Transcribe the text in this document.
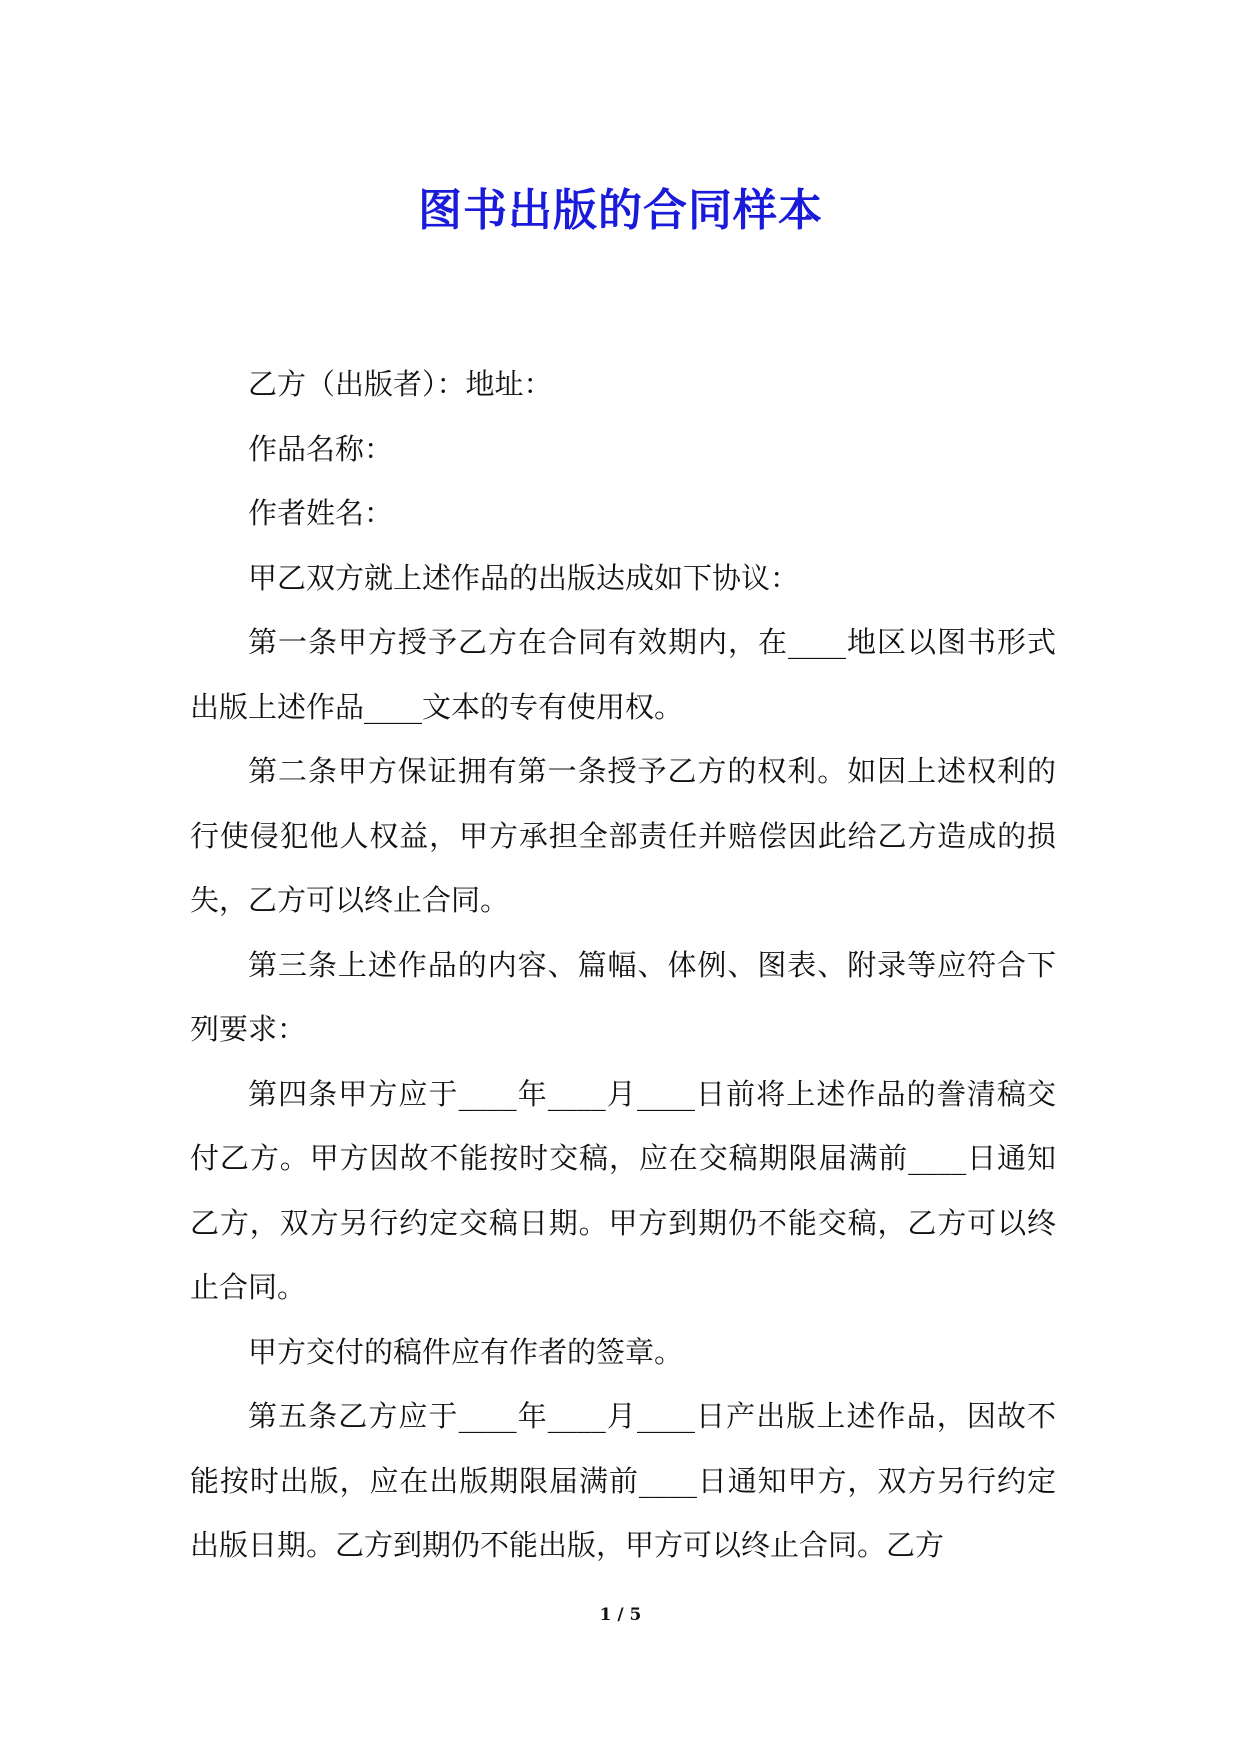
图书出版的合同样本

乙方（出版者）：地址：

作品名称：

作者姓名：

甲乙双方就上述作品的出版达成如下协议：

第一条甲方授予乙方在合同有效期内，在____地区以图书形式出版上述作品____文本的专有使用权。

第二条甲方保证拥有第一条授予乙方的权利。如因上述权利的行使侵犯他人权益，甲方承担全部责任并赔偿因此给乙方造成的损失，乙方可以终止合同。

第三条上述作品的内容、篇幅、体例、图表、附录等应符合下列要求：

第四条甲方应于____年____月____日前将上述作品的誊清稿交付乙方。甲方因故不能按时交稿，应在交稿期限届满前____日通知乙方，双方另行约定交稿日期。甲方到期仍不能交稿，乙方可以终止合同。

甲方交付的稿件应有作者的签章。

第五条乙方应于____年____月____日产出版上述作品，因故不能按时出版，应在出版期限届满前____日通知甲方，双方另行约定出版日期。乙方到期仍不能出版，甲方可以终止合同。乙方

1 / 5
